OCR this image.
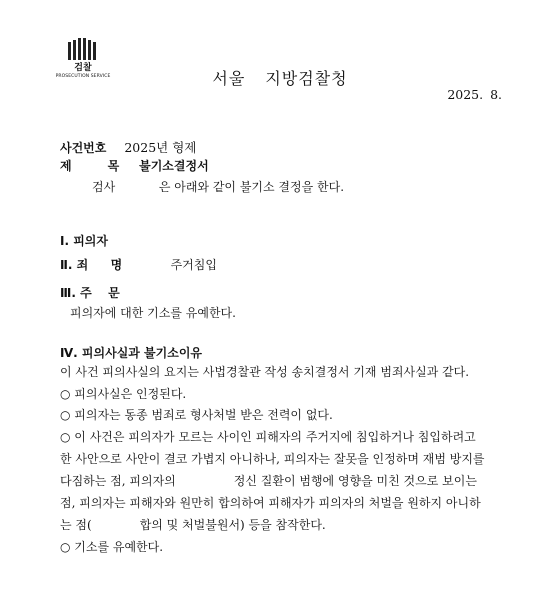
검찰
PROSECUTION SERVICE	서울 지방검찰청
2025. 8.
사건번호 2025년 형제
제	목 불기소결정서
검사	은 아래와 같이 불기소 결정을 한다.
Ⅰ. 피의자
Ⅱ. 죄 명	주거침입
Ⅲ. 주 문
피의자에 대한 기소를 유예한다.
Ⅳ. 피의사실과 불기소이유
이 사건 피의사실의 요지는 사법경찰관 작성 송치결정서 기재 범죄사실과 같다.
○ 피의사실은 인정된다.
○ 피의자는 동종 범죄로 형사처벌 받은 전력이 없다.
○ 이 사건은 피의자가 모르는 사이인 피해자의 주거지에 침입하거나 침입하려고
한 사안으로 사안이 결코 가볍지 아니하나, 피의자는 잘못을 인정하며 재범 방지를
다짐하는 점, 피의자의	정신 질환이 범행에 영향을 미친 것으로 보이는
점, 피의자는 피해자와 원만히 합의하여 피해자가 피의자의 처벌을 원하지 아니하
는 점(	합의 및 처벌불원서) 등을 참작한다.
○ 기소를 유예한다.
